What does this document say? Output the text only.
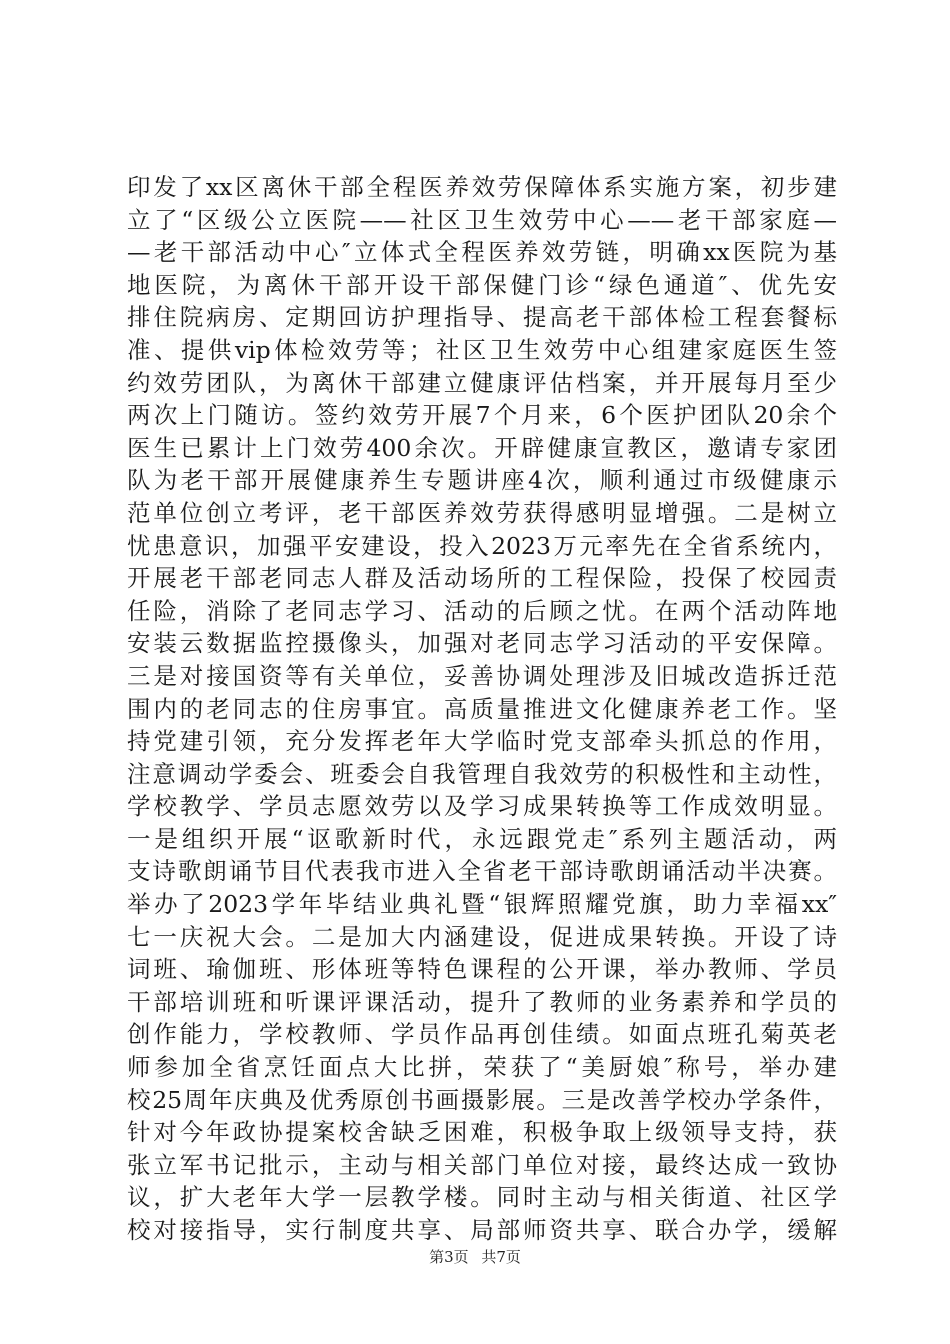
印发了xx区离休干部全程医养效劳保障体系实施方案，初步建
立了“区级公立医院——社区卫生效劳中心——老干部家庭—
—老干部活动中心″立体式全程医养效劳链，明确xx医院为基
地医院，为离休干部开设干部保健门诊“绿色通道″、优先安
排住院病房、定期回访护理指导、提高老干部体检工程套餐标
准、提供vip体检效劳等；社区卫生效劳中心组建家庭医生签
约效劳团队，为离休干部建立健康评估档案，并开展每月至少
两次上门随访。签约效劳开展7个月来，6个医护团队20余个
医生已累计上门效劳400余次。开辟健康宣教区，邀请专家团
队为老干部开展健康养生专题讲座4次，顺利通过市级健康示
范单位创立考评，老干部医养效劳获得感明显增强。二是树立
忧患意识，加强平安建设，投入2023万元率先在全省系统内，
开展老干部老同志人群及活动场所的工程保险，投保了校园责
任险，消除了老同志学习、活动的后顾之忧。在两个活动阵地
安装云数据监控摄像头，加强对老同志学习活动的平安保障。
三是对接国资等有关单位，妥善协调处理涉及旧城改造拆迁范
围内的老同志的住房事宜。高质量推进文化健康养老工作。坚
持党建引领，充分发挥老年大学临时党支部牵头抓总的作用，
注意调动学委会、班委会自我管理自我效劳的积极性和主动性，
学校教学、学员志愿效劳以及学习成果转换等工作成效明显。
一是组织开展“讴歌新时代，永远跟党走″系列主题活动，两
支诗歌朗诵节目代表我市进入全省老干部诗歌朗诵活动半决赛。
举办了2023学年毕结业典礼暨“银辉照耀党旗，助力幸福xx″
七一庆祝大会。二是加大内涵建设，促进成果转换。开设了诗
词班、瑜伽班、形体班等特色课程的公开课，举办教师、学员
干部培训班和听课评课活动，提升了教师的业务素养和学员的
创作能力，学校教师、学员作品再创佳绩。如面点班孔菊英老
师参加全省烹饪面点大比拼，荣获了“美厨娘″称号，举办建
校25周年庆典及优秀原创书画摄影展。三是改善学校办学条件，
针对今年政协提案校舍缺乏困难，积极争取上级领导支持，获
张立军书记批示，主动与相关部门单位对接，最终达成一致协
议，扩大老年大学一层教学楼。同时主动与相关街道、社区学
校对接指导，实行制度共享、局部师资共享、联合办学，缓解
第3页 共7页
